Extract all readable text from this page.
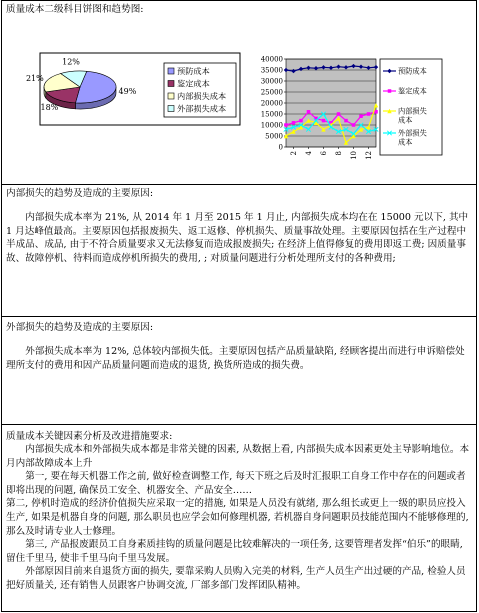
质量成本二级科目饼图和趋势图:

49%
18%
21%
12%
预防成本
鉴定成本
内部损失成本
外部损失成本
0
5000
10000
15000
20000
25000
30000
35000
40000
2 4 6 8 10 12
预防成本
鉴定成本
内部损失
成本
外部损失
成本

内部损失的趋势及造成的主要原因:

内部损失成本率为 21%, 从 2014 年 1 月至 2015 年 1 月止, 内部损失成本均在在 15000 元以下, 其中 1 月达峰值最高。主要原因包括报废损失、返工返修、停机损失、质量事故处理。主要原因包括在生产过程中半成品、成品, 由于不符合质量要求又无法修复而造成报废损失; 在经济上值得修复的费用即返工费; 因质量事故、故障停机、待料而造成停机所损失的费用, ; 对质量问题进行分析处理所支付的各种费用;

外部损失的趋势及造成的主要原因:

外部损失成本率为 12%, 总体较内部损失低。主要原因包括产品质量缺陷, 经顾客提出而进行申诉赔偿处理所支付的费用和因产品质量问题而造成的退货, 换货所造成的损失费。

质量成本关键因素分析及改进措施要求:

内部损失成本和外部损失成本都是非常关键的因素, 从数据上看, 内部损失成本因素更处主导影响地位。本月内部故障成本上升

第一, 要在每天机器工作之前, 做好检查调整工作, 每天下班之后及时汇报职工自身工作中存在的问题或者即将出现的问题, 确保员工安全、机器安全、产品安全……

第二, 停机时造成的经济价值损失应采取一定的措施, 如果是人员没有就绪, 那么组长或更上一级的职员应投入生产, 如果是机器自身的问题, 那么职员也应学会如何修理机器, 若机器自身问题职员技能范围内不能够修理的, 那么及时请专业人士修理。

第三, 产品报废跟员工自身素质挂钩的质量问题是比较难解决的一项任务, 这要管理者发挥“伯乐”的眼睛, 留住千里马, 使非千里马向千里马发展。

外部原因目前来自退货方面的损失, 要靠采购人员购入完美的材料, 生产人员生产出过硬的产品, 检验人员把好质量关, 还有销售人员跟客户协调交流, 厂部多部门发挥团队精神。
